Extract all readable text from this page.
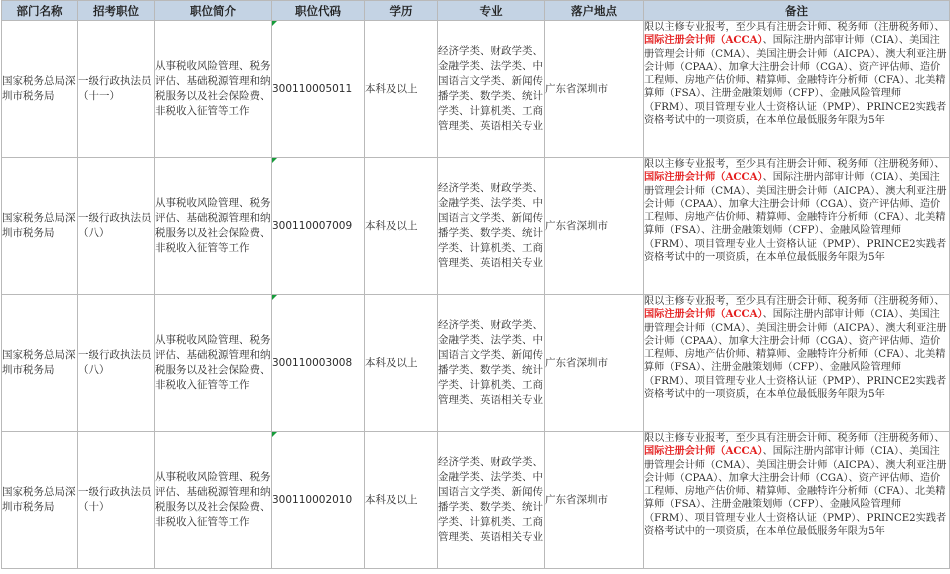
部门名称	招考职位	职位简介	职位代码	学历	专业	落户地点	备注
国家税务总局深圳市税务局	一级行政执法员（十一）	从事税收风险管理、税务评估、基础税源管理和纳税服务以及社会保险费、非税收入征管等工作	300110005011	本科及以上	经济学类、财政学类、金融学类、法学类、中国语言文学类、新闻传播学类、数学类、统计学类、计算机类、工商管理类、英语相关专业	广东省深圳市	限以主修专业报考，至少具有注册会计师、税务师（注册税务师）、国际注册会计师（ACCA）、国际注册内部审计师（CIA）、美国注册管理会计师（CMA）、美国注册会计师（AICPA）、澳大利亚注册会计师（CPAA）、加拿大注册会计师（CGA）、资产评估师、造价工程师、房地产估价师、精算师、金融特许分析师（CFA）、北美精算师（FSA）、注册金融策划师（CFP）、金融风险管理师（FRM）、项目管理专业人士资格认证（PMP）、PRINCE2实践者资格考试中的一项资质，在本单位最低服务年限为5年
国家税务总局深圳市税务局	一级行政执法员（八）	从事税收风险管理、税务评估、基础税源管理和纳税服务以及社会保险费、非税收入征管等工作	300110007009	本科及以上	经济学类、财政学类、金融学类、法学类、中国语言文学类、新闻传播学类、数学类、统计学类、计算机类、工商管理类、英语相关专业	广东省深圳市	限以主修专业报考，至少具有注册会计师、税务师（注册税务师）、国际注册会计师（ACCA）、国际注册内部审计师（CIA）、美国注册管理会计师（CMA）、美国注册会计师（AICPA）、澳大利亚注册会计师（CPAA）、加拿大注册会计师（CGA）、资产评估师、造价工程师、房地产估价师、精算师、金融特许分析师（CFA）、北美精算师（FSA）、注册金融策划师（CFP）、金融风险管理师（FRM）、项目管理专业人士资格认证（PMP）、PRINCE2实践者资格考试中的一项资质，在本单位最低服务年限为5年
国家税务总局深圳市税务局	一级行政执法员（八）	从事税收风险管理、税务评估、基础税源管理和纳税服务以及社会保险费、非税收入征管等工作	300110003008	本科及以上	经济学类、财政学类、金融学类、法学类、中国语言文学类、新闻传播学类、数学类、统计学类、计算机类、工商管理类、英语相关专业	广东省深圳市	限以主修专业报考，至少具有注册会计师、税务师（注册税务师）、国际注册会计师（ACCA）、国际注册内部审计师（CIA）、美国注册管理会计师（CMA）、美国注册会计师（AICPA）、澳大利亚注册会计师（CPAA）、加拿大注册会计师（CGA）、资产评估师、造价工程师、房地产估价师、精算师、金融特许分析师（CFA）、北美精算师（FSA）、注册金融策划师（CFP）、金融风险管理师（FRM）、项目管理专业人士资格认证（PMP）、PRINCE2实践者资格考试中的一项资质，在本单位最低服务年限为5年
国家税务总局深圳市税务局	一级行政执法员（十）	从事税收风险管理、税务评估、基础税源管理和纳税服务以及社会保险费、非税收入征管等工作	300110002010	本科及以上	经济学类、财政学类、金融学类、法学类、中国语言文学类、新闻传播学类、数学类、统计学类、计算机类、工商管理类、英语相关专业	广东省深圳市	限以主修专业报考，至少具有注册会计师、税务师（注册税务师）、国际注册会计师（ACCA）、国际注册内部审计师（CIA）、美国注册管理会计师（CMA）、美国注册会计师（AICPA）、澳大利亚注册会计师（CPAA）、加拿大注册会计师（CGA）、资产评估师、造价工程师、房地产估价师、精算师、金融特许分析师（CFA）、北美精算师（FSA）、注册金融策划师（CFP）、金融风险管理师（FRM）、项目管理专业人士资格认证（PMP）、PRINCE2实践者资格考试中的一项资质，在本单位最低服务年限为5年
